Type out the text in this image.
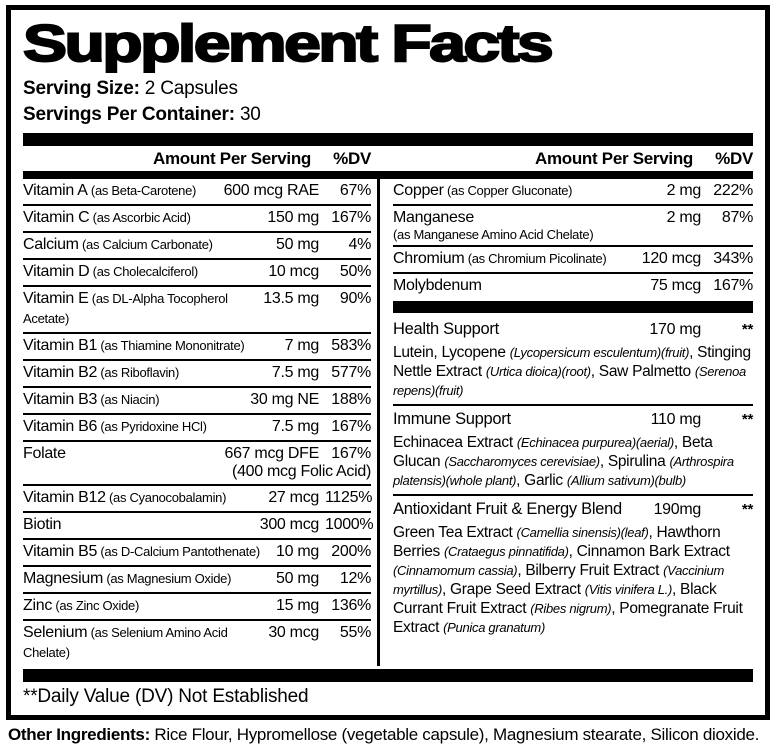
Supplement Facts
Serving Size: 2 Capsules
Servings Per Container: 30
Amount Per Serving	%DV	Amount Per Serving	%DV
Vitamin A (as Beta-Carotene)	600 mcg RAE	67%
Vitamin C (as Ascorbic Acid)	150 mg 167%
Calcium (as Calcium Carbonate)	50 mg	4%
Vitamin D (as Cholecalciferol)	10 mcg	50%
Vitamin E (as DL-Alpha Tocopherol Acetate)
13.5 mg	90%
Vitamin B1 (as Thiamine Mononitrate)	7 mg 583%
Vitamin B2 (as Riboflavin)	7.5 mg 577%
Vitamin B3 (as Niacin)	30 mg NE 188%
Vitamin B6 (as Pyridoxine HCl)	7.5 mg 167%
Folate	667 mcg DFE 167%
(400 mcg Folic Acid)
Vitamin B12 (as Cyanocobalamin)	27 mcg 1125%
Biotin	300 mcg 1000%
Vitamin B5 (as D-Calcium Pantothenate)	10 mg 200%
Magnesium (as Magnesium Oxide)	50 mg	12%
Zinc (as Zinc Oxide)	15 mg 136%
Selenium (as Selenium Amino Acid Chelate)
30 mcg	55%
Copper (as Copper Gluconate)	2 mg 222%
Manganese	2 mg	87%
(as Manganese Amino Acid Chelate)
Chromium (as Chromium Picolinate)	120 mcg 343%
Molybdenum	75 mcg 167%
Health Support	170 mg	**
Lutein, Lycopene (Lycopersicum esculentum)(fruit), Stinging Nettle Extract (Urtica dioica)(root), Saw Palmetto (Serenoa repens)(fruit)
Immune Support	110 mg	**
Echinacea Extract (Echinacea purpurea)(aerial), Beta Glucan (Saccharomyces cerevisiae), Spirulina (Arthrospira platensis)(whole plant), Garlic (Allium sativum)(bulb)
Antioxidant Fruit & Energy Blend	190mg	**
Green Tea Extract (Camellia sinensis)(leaf), Hawthorn Berries (Crataegus pinnatifida), Cinnamon Bark Extract (Cinnamomum cassia), Bilberry Fruit Extract (Vaccinium myrtillus), Grape Seed Extract (Vitis vinifera L.), Black Currant Fruit Extract (Ribes nigrum), Pomegranate Fruit Extract (Punica granatum)
**Daily Value (DV) Not Established
Other Ingredients: Rice Flour, Hypromellose (vegetable capsule), Magnesium stearate, Silicon dioxide.
